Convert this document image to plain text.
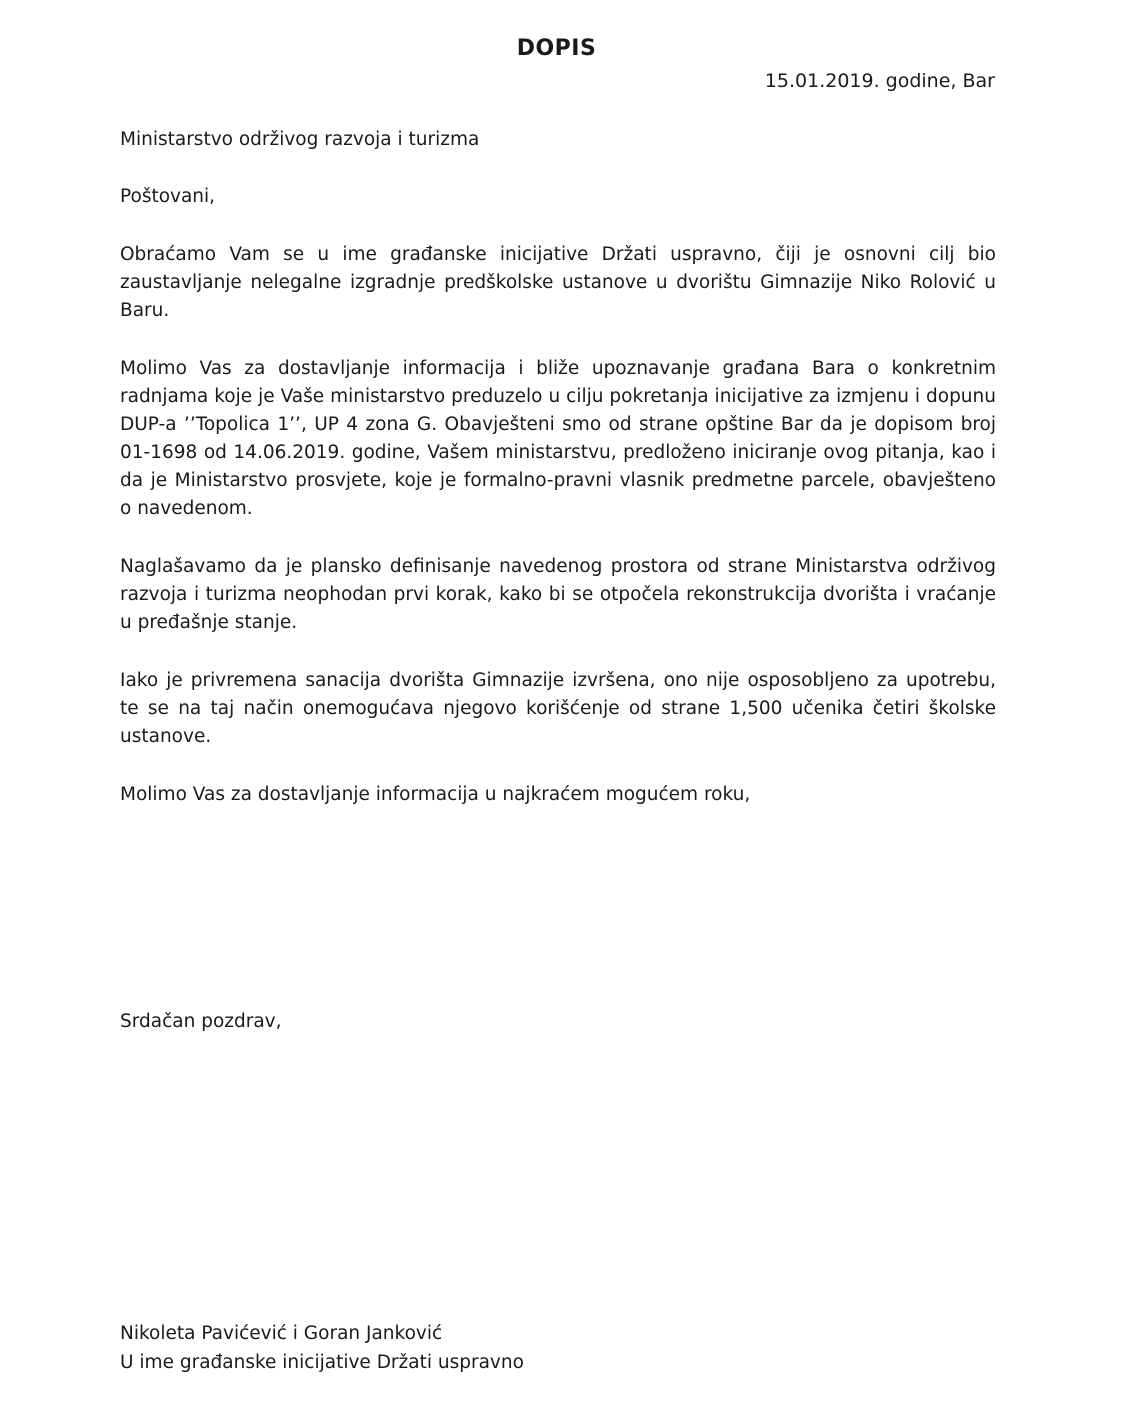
DOPIS
15.01.2019. godine, Bar
Ministarstvo održivog razvoja i turizma
Poštovani,
Obraćamo Vam se u ime građanske inicijative Držati uspravno, čiji je osnovni cilj bio zaustavljanje nelegalne izgradnje predškolske ustanove u dvorištu Gimnazije Niko Rolović u Baru.
Molimo Vas za dostavljanje informacija i bliže upoznavanje građana Bara o konkretnim radnjama koje je Vaše ministarstvo preduzelo u cilju pokretanja inicijative za izmjenu i dopunu DUP-a ’’Topolica 1’’, UP 4 zona G. Obavješteni smo od strane opštine Bar da je dopisom broj 01-1698 od 14.06.2019. godine, Vašem ministarstvu, predloženo iniciranje ovog pitanja, kao i da je Ministarstvo prosvjete, koje je formalno-pravni vlasnik predmetne parcele, obavješteno o navedenom.
Naglašavamo da je plansko definisanje navedenog prostora od strane Ministarstva održivog razvoja i turizma neophodan prvi korak, kako bi se otpočela rekonstrukcija dvorišta i vraćanje u pređašnje stanje.
Iako je privremena sanacija dvorišta Gimnazije izvršena, ono nije osposobljeno za upotrebu, te se na taj način onemogućava njegovo korišćenje od strane 1,500 učenika četiri školske ustanove.
Molimo Vas za dostavljanje informacija u najkraćem mogućem roku,
Srdačan pozdrav,
Nikoleta Pavićević i Goran Janković
U ime građanske inicijative Držati uspravno
